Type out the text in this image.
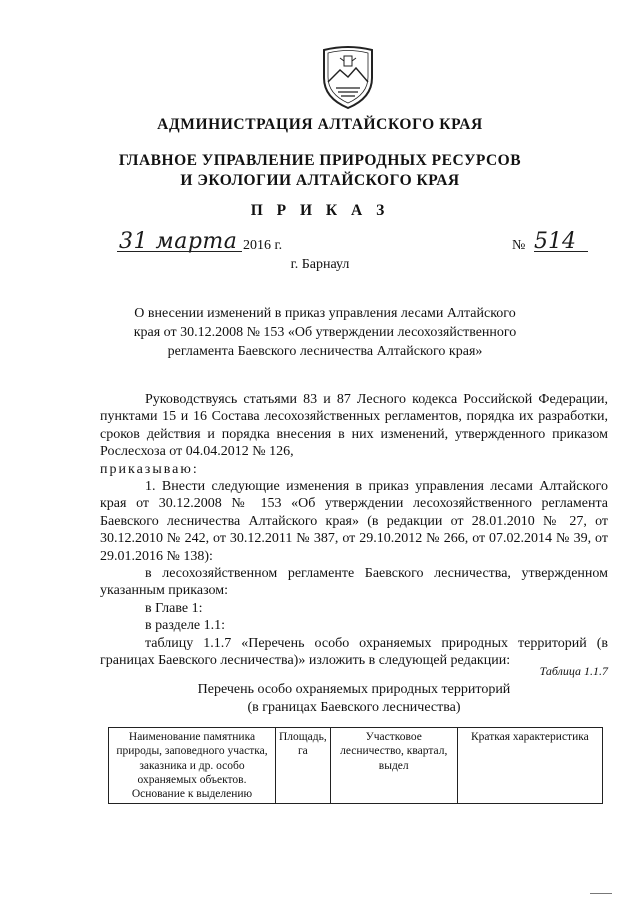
АДМИНИСТРАЦИЯ АЛТАЙСКОГО КРАЯ
ГЛАВНОЕ УПРАВЛЕНИЕ ПРИРОДНЫХ РЕСУРСОВ
И ЭКОЛОГИИ АЛТАЙСКОГО КРАЯ
П Р И К А З
31 марта 2016 г.	№ 514
г. Барнаул
О внесении изменений в приказ управления лесами Алтайского
края от 30.12.2008 № 153 «Об утверждении лесохозяйственного
регламента Баевского лесничества Алтайского края»

Руководствуясь статьями 83 и 87 Лесного кодекса Российской Федерации, пунктами 15 и 16 Состава лесохозяйственных регламентов, порядка их разработки, сроков действия и порядка внесения в них изменений, утвержденного приказом Рослесхоза от 04.04.2012 № 126,

приказываю:

1. Внести следующие изменения в приказ управления лесами Алтайского края от 30.12.2008 № 153 «Об утверждении лесохозяйственного регламента Баевского лесничества Алтайского края» (в редакции от 28.01.2010 № 27, от 30.12.2010 № 242, от 30.12.2011 № 387, от 29.10.2012 № 266, от 07.02.2014 № 39, от 29.01.2016 № 138):

в лесохозяйственном регламенте Баевского лесничества, утвержденном указанным приказом:

в Главе 1:

в разделе 1.1:

таблицу 1.1.7 «Перечень особо охраняемых природных территорий (в границах Баевского лесничества)» изложить в следующей редакции:

Таблица 1.1.7
Перечень особо охраняемых природных территорий
(в границах Баевского лесничества)
Наименование памятника природы, заповедного участка, заказника и др. особо охраняемых объектов. Основание к выделению	Площадь, га	Участковое лесничество, квартал, выдел	Краткая характеристика
